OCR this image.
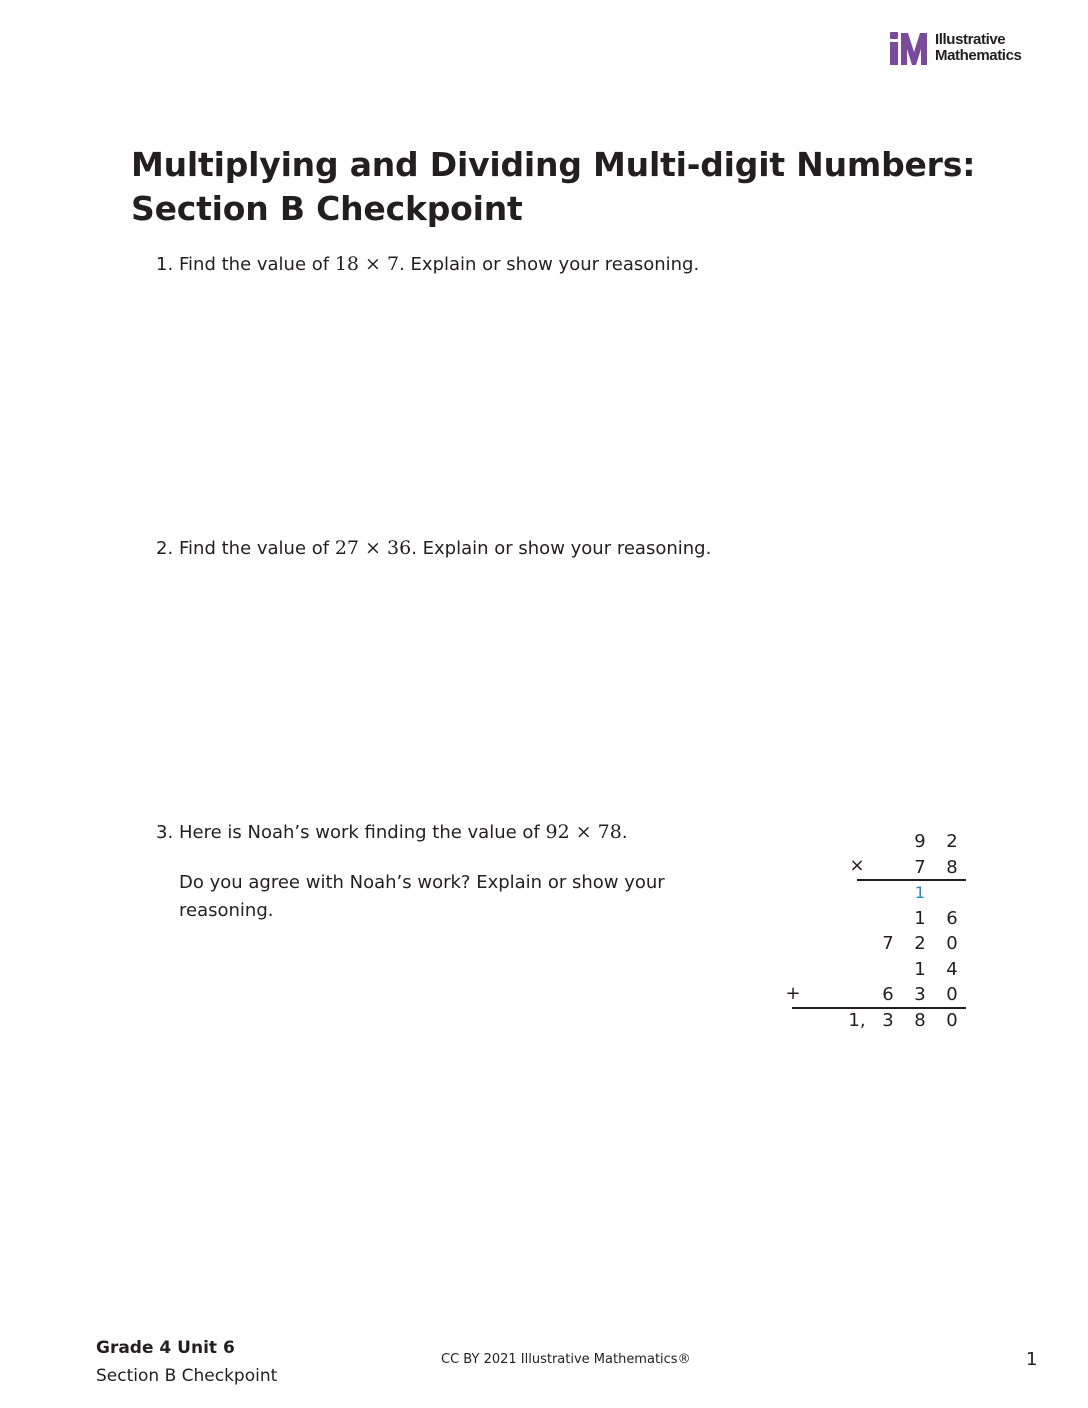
Illustrative
Mathematics
Multiplying and Dividing Multi-digit Numbers:
Section B Checkpoint
1. Find the value of 18 × 7. Explain or show your reasoning.
2. Find the value of 27 × 36. Explain or show your reasoning.
3. Here is Noah’s work finding the value of 92 × 78.
Do you agree with Noah’s work? Explain or show your reasoning.
9 2
×	7 8
1
1 6
7 2 0
1 4
+	6 3 0
1, 3 8 0
Grade 4 Unit 6
Section B Checkpoint
CC BY 2021 Illustrative Mathematics®	1
